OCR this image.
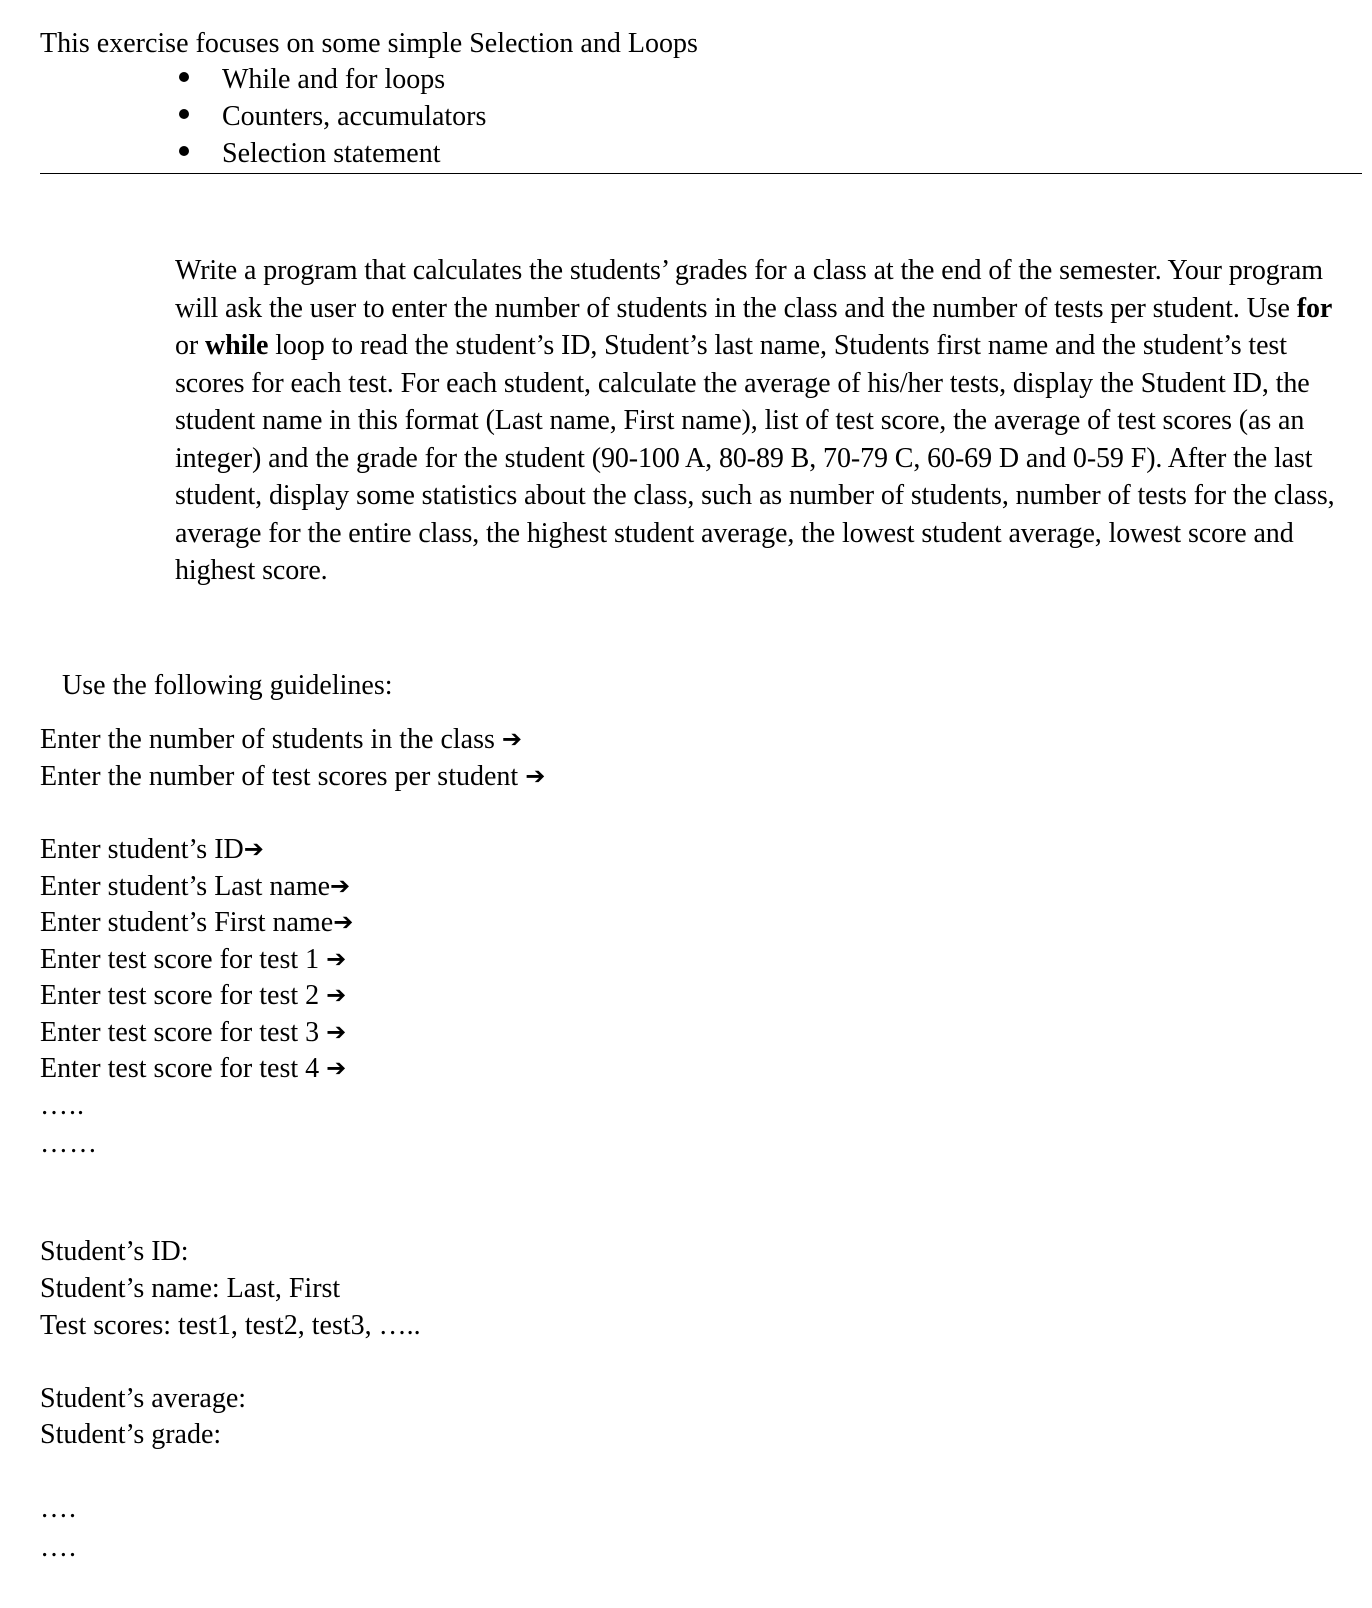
This exercise focuses on some simple Selection and Loops
While and for loops
Counters, accumulators
Selection statement

Write a program that calculates the students’ grades for a class at the end of the semester. Your program will ask the user to enter the number of students in the class and the number of tests per student. Use for or while loop to read the student’s ID, Student’s last name, Students first name and the student’s test scores for each test. For each student, calculate the average of his/her tests, display the Student ID, the student name in this format (Last name, First name), list of test score, the average of test scores (as an integer) and the grade for the student (90-100 A, 80-89 B, 70-79 C, 60-69 D and 0-59 F). After the last student, display some statistics about the class, such as number of students, number of tests for the class, average for the entire class, the highest student average, the lowest student average, lowest score and highest score.

Use the following guidelines:
Enter the number of students in the class ➔
Enter the number of test scores per student ➔
Enter student’s ID➔
Enter student’s Last name➔
Enter student’s First name➔
Enter test score for test 1 ➔
Enter test score for test 2 ➔
Enter test score for test 3 ➔
Enter test score for test 4 ➔
…..
……
Student’s ID:
Student’s name: Last, First
Test scores: test1, test2, test3, …..
Student’s average:
Student’s grade:
….
….
